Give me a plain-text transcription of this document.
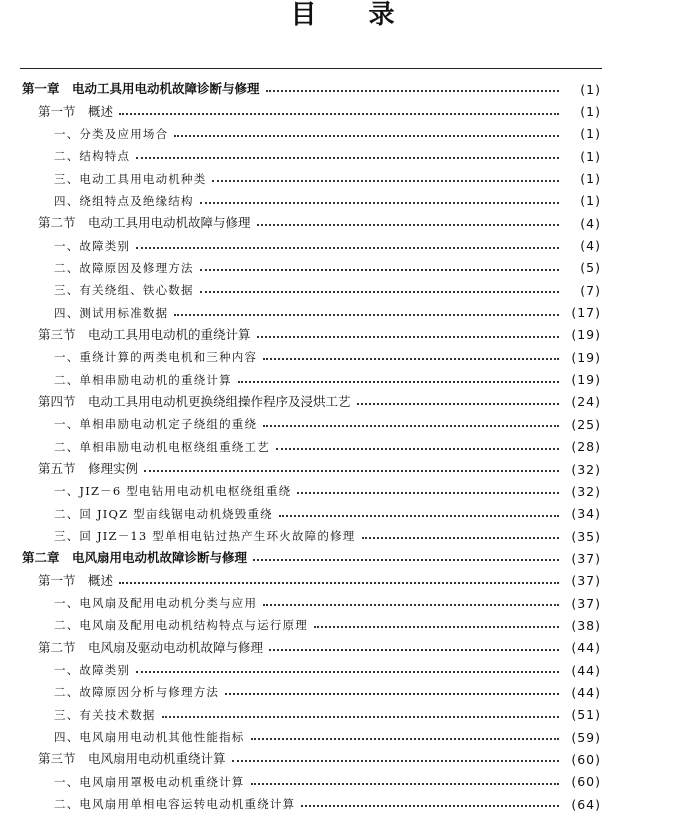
目录
第一章　电动工具用电动机故障诊断与修理	(1)
第一节　概述	(1)
一、分类及应用场合	(1)
二、结构特点	(1)
三、电动工具用电动机种类	(1)
四、绕组特点及绝缘结构	(1)
第二节　电动工具用电动机故障与修理	(4)
一、故障类别	(4)
二、故障原因及修理方法	(5)
三、有关绕组、铁心数据	(7)
四、测试用标准数据	(17)
第三节　电动工具用电动机的重绕计算	(19)
一、重绕计算的两类电机和三种内容	(19)
二、单相串励电动机的重绕计算	(19)
第四节　电动工具用电动机更换绕组操作程序及浸烘工艺	(24)
一、单相串励电动机定子绕组的重绕	(25)
二、单相串励电动机电枢绕组重绕工艺	(28)
第五节　修理实例	(32)
一、JIZ－6 型电钻用电动机电枢绕组重绕	(32)
二、回 JIQZ 型亩线锯电动机烧毁重绕	(34)
三、回 JIZ－13 型单相电钻过热产生环火故障的修理	(35)
第二章　电风扇用电动机故障诊断与修理	(37)
第一节　概述	(37)
一、电风扇及配用电动机分类与应用	(37)
二、电风扇及配用电动机结构特点与运行原理	(38)
第二节　电风扇及驱动电动机故障与修理	(44)
一、故障类别	(44)
二、故障原因分析与修理方法	(44)
三、有关技术数据	(51)
四、电风扇用电动机其他性能指标	(59)
第三节　电风扇用电动机重绕计算	(60)
一、电风扇用罩极电动机重绕计算	(60)
二、电风扇用单相电容运转电动机重绕计算	(64)
